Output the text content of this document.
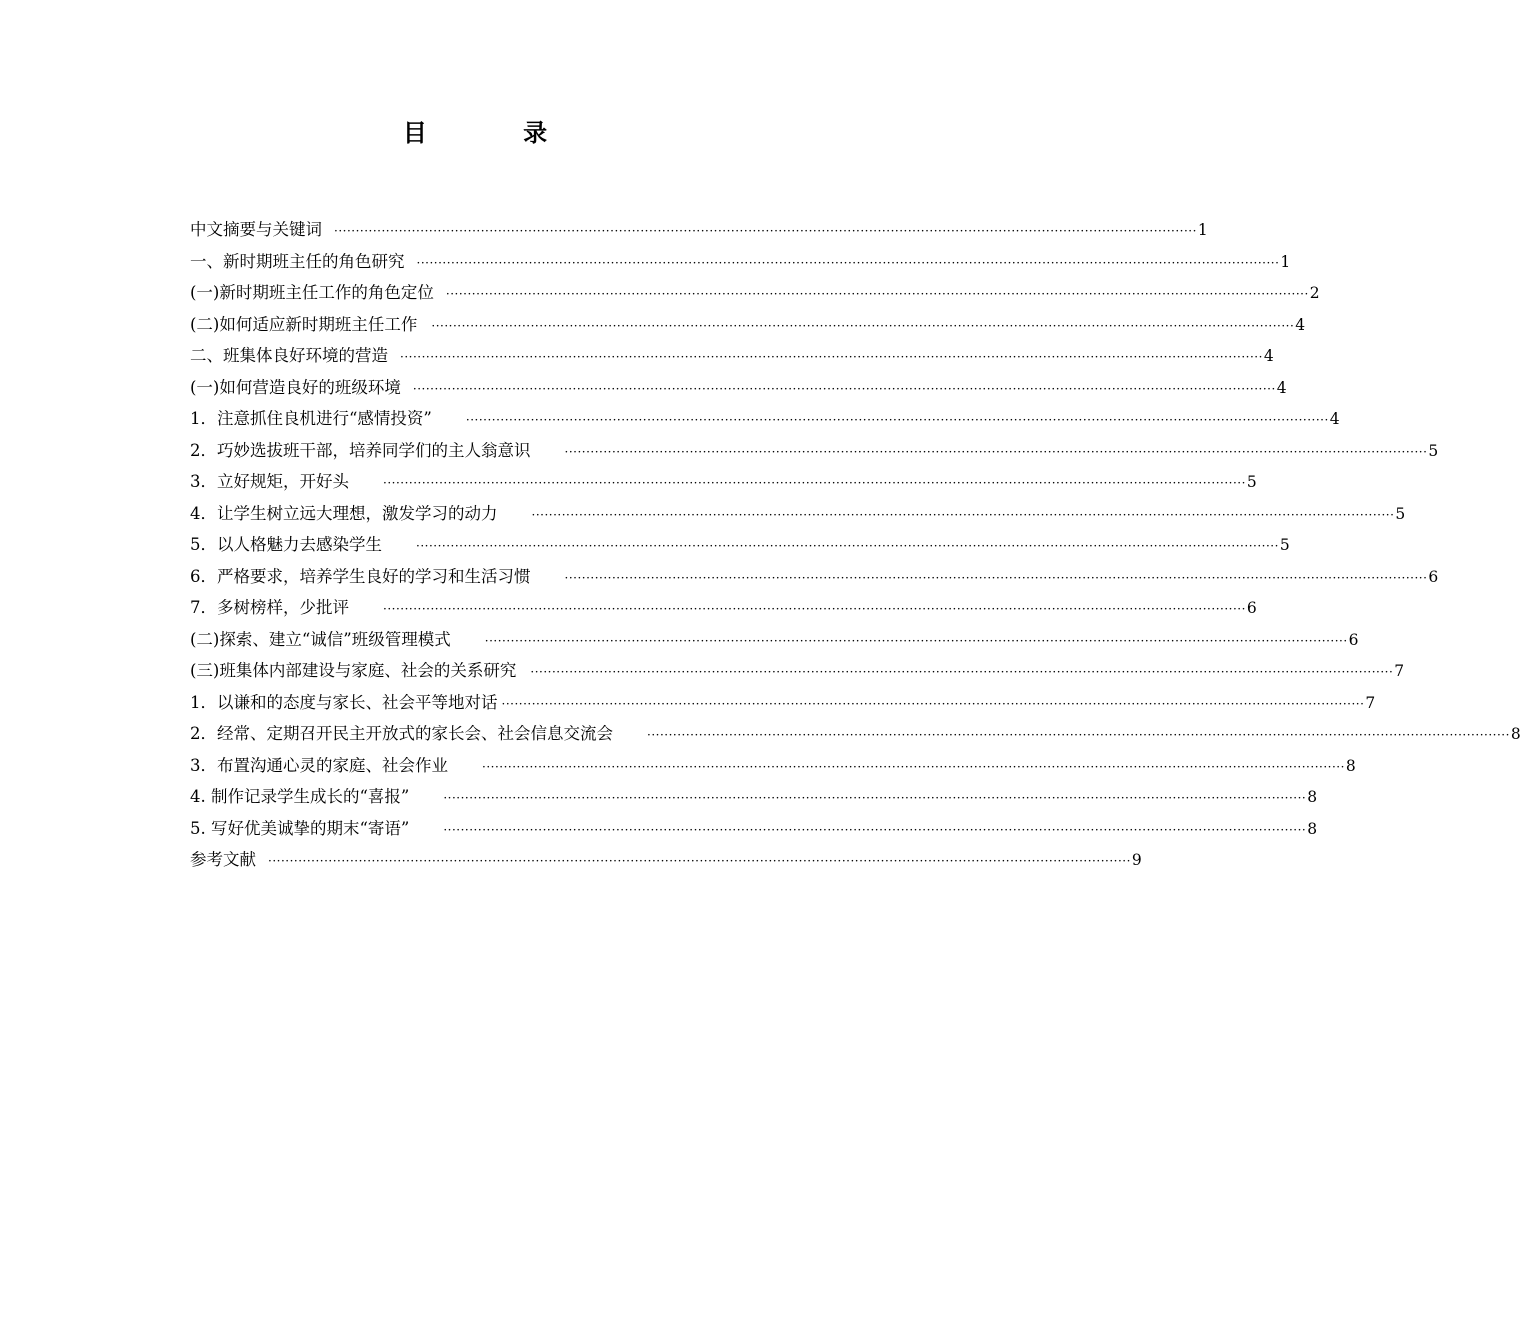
目 录
中文摘要与关键词 ········································································································································································································ 1
一、新时期班主任的角色研究 ········································································································································································································ 1
(一)新时期班主任工作的角色定位 ········································································································································································································ 2
(二)如何适应新时期班主任工作 ········································································································································································································ 4
二、班集体良好环境的营造 ········································································································································································································ 4
(一)如何营造良好的班级环境 ········································································································································································································ 4
1．注意抓住良机进行“感情投资”	········································································································································································································ 4
2．巧妙选拔班干部，培养同学们的主人翁意识	········································································································································································································ 5
3．立好规矩，开好头	········································································································································································································ 5
4．让学生树立远大理想，激发学习的动力	········································································································································································································ 5
5．以人格魅力去感染学生	········································································································································································································ 5
6．严格要求，培养学生良好的学习和生活习惯	········································································································································································································ 6
7．多树榜样，少批评	········································································································································································································ 6
(二)探索、建立“诚信”班级管理模式	········································································································································································································ 6
(三)班集体内部建设与家庭、社会的关系研究 ········································································································································································································ 7
1．以谦和的态度与家长、社会平等地对话 ········································································································································································································ 7
2．经常、定期召开民主开放式的家长会、社会信息交流会	········································································································································································································ 8
3．布置沟通心灵的家庭、社会作业	········································································································································································································ 8
4. 制作记录学生成长的“喜报”	········································································································································································································ 8
5. 写好优美诚挚的期末“寄语”	········································································································································································································ 8
参考文献 ········································································································································································································ 9
